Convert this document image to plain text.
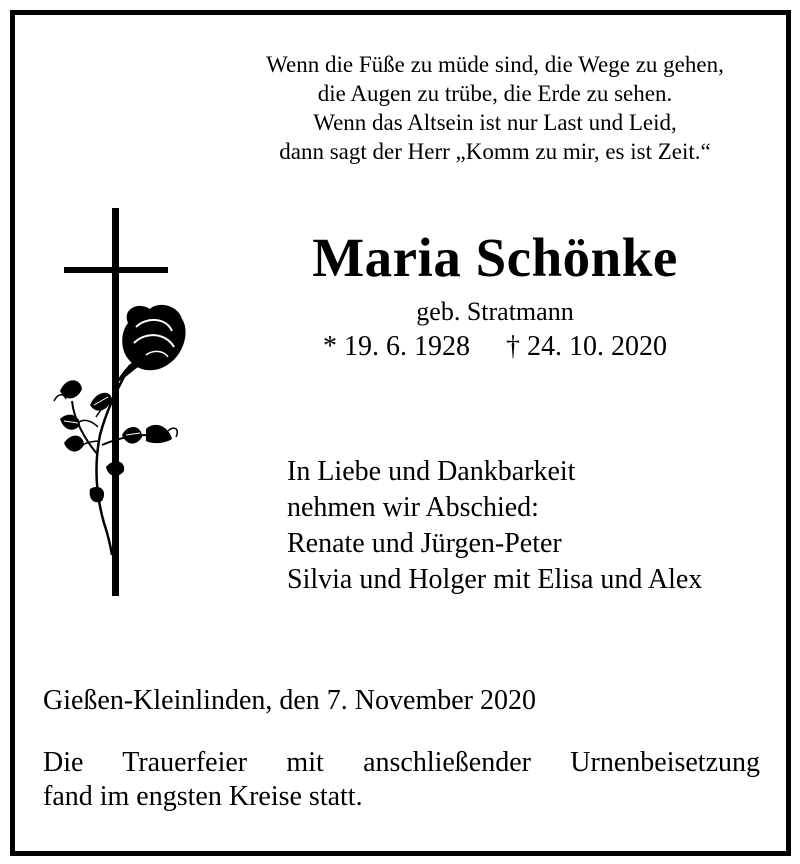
Wenn die Füße zu müde sind, die Wege zu gehen,
die Augen zu trübe, die Erde zu sehen.
Wenn das Altsein ist nur Last und Leid,
dann sagt der Herr „Komm zu mir, es ist Zeit.“
Maria Schönke
geb. Stratmann
* 19. 6. 1928 † 24. 10. 2020
In Liebe und Dankbarkeit
nehmen wir Abschied:
Renate und Jürgen-Peter
Silvia und Holger mit Elisa und Alex
Gießen-Kleinlinden, den 7. November 2020
Die Trauerfeier mit anschließender Urnenbeisetzung
fand im engsten Kreise statt.
